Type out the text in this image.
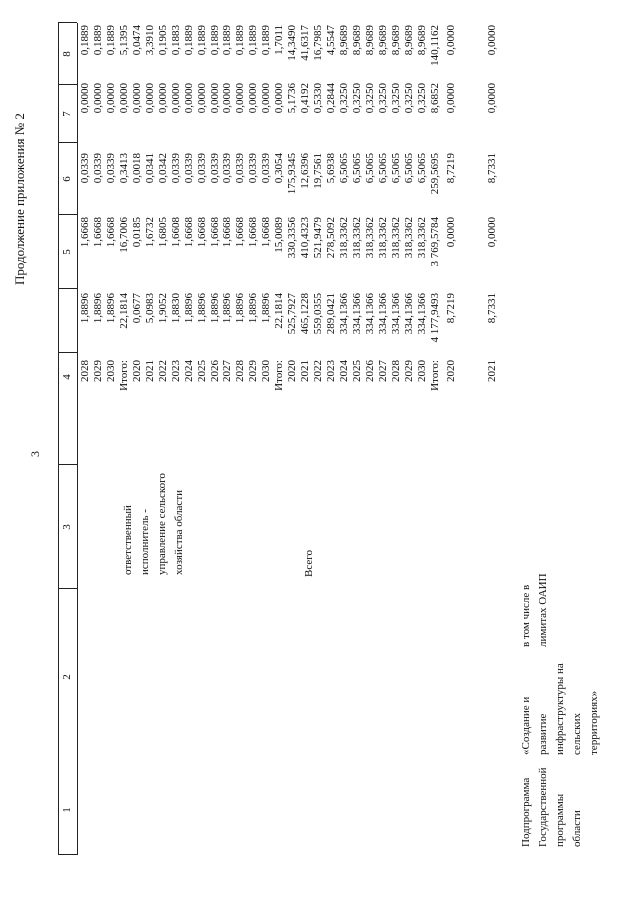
Продолжение приложения № 2
3
1
2
3
4
5
6
7
8
Подпрограмма Государственной программы области
«Создание и развитие инфраструктуры на сельских территориях»
ответственный исполнитель - управление сельского хозяйства области	Всего
в том числе в лимитах ОАИП
2028
1,8896
1,6668
0,0339
0,0000
0,1889
2029
1,8896
1,6668
0,0339
0,0000
0,1889
2030
1,8896
1,6668
0,0339
0,0000
0,1889
Итого:
22,1814
16,7006
0,3413
0,0000
5,1395
2020
0,0677
0,0185
0,0018
0,0000
0,0474
2021
5,0983
1,6732
0,0341
0,0000
3,3910
2022
1,9052
1,6805
0,0342
0,0000
0,1905
2023
1,8830
1,6608
0,0339
0,0000
0,1883
2024
1,8896
1,6668
0,0339
0,0000
0,1889
2025
1,8896
1,6668
0,0339
0,0000
0,1889
2026
1,8896
1,6668
0,0339
0,0000
0,1889
2027
1,8896
1,6668
0,0339
0,0000
0,1889
2028
1,8896
1,6668
0,0339
0,0000
0,1889
2029
1,8896
1,6668
0,0339
0,0000
0,1889
2030
1,8896
1,6668
0,0339
0,0000
0,1889
Итого:
22,1814
15,0089
0,3054
0,0000
1,7011
2020
525,7927
330,3356
175,9345
5,1736
14,3490
2021
465,1228
410,4323
12,6396
0,4192
41,6317
2022
559,0355
521,9479
19,7561
0,5330
16,7985
2023
289,0421
278,5092
5,6938
0,2844
4,5547
2024
334,1366
318,3362
6,5065
0,3250
8,9689
2025
334,1366
318,3362
6,5065
0,3250
8,9689
2026
334,1366
318,3362
6,5065
0,3250
8,9689
2027
334,1366
318,3362
6,5065
0,3250
8,9689
2028
334,1366
318,3362
6,5065
0,3250
8,9689
2029
334,1366
318,3362
6,5065
0,3250
8,9689
2030
334,1366
318,3362
6,5065
0,3250
8,9689
Итого:
4 177,9493
3 769,5784
259,5695
8,6852
140,1162
2020
8,7219
0,0000
8,7219
0,0000
0,0000
2021
8,7331
0,0000
8,7331
0,0000
0,0000
